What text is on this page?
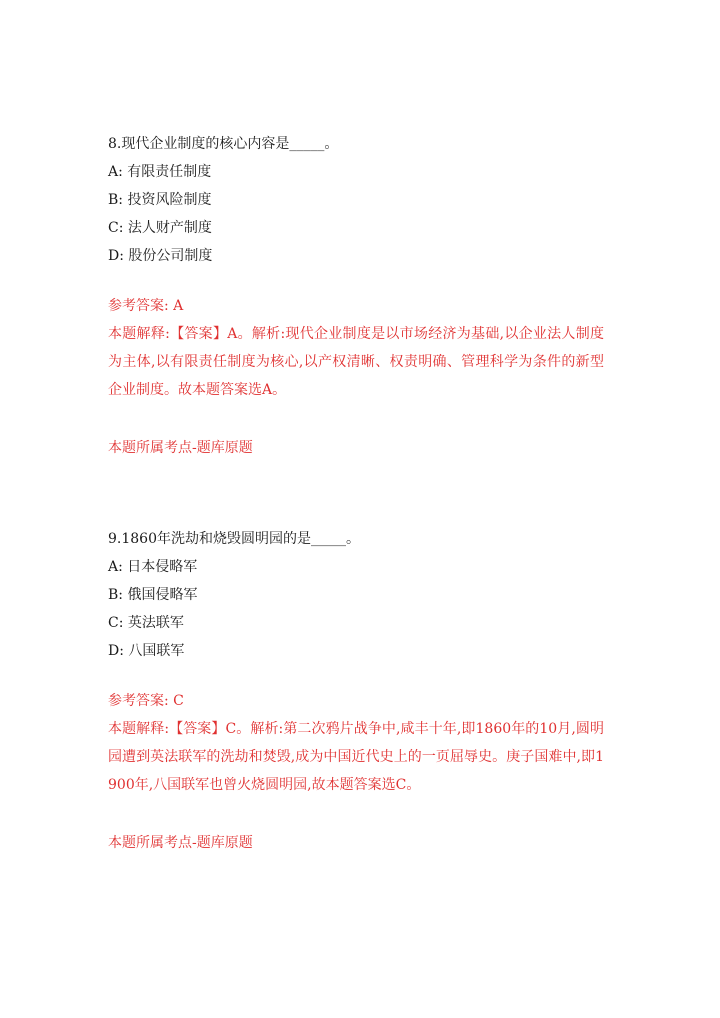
8.现代企业制度的核心内容是_____。
A: 有限责任制度
B: 投资风险制度
C: 法人财产制度
D: 股份公司制度
参考答案: A
本题解释:【答案】A。解析:现代企业制度是以市场经济为基础,以企业法人制度为主体,以有限责任制度为核心,以产权清晰、权责明确、管理科学为条件的新型企业制度。故本题答案选A。
本题所属考点-题库原题
9.1860年洗劫和烧毁圆明园的是_____。
A: 日本侵略军
B: 俄国侵略军
C: 英法联军
D: 八国联军
参考答案: C
本题解释:【答案】C。解析:第二次鸦片战争中,咸丰十年,即1860年的10月,圆明园遭到英法联军的洗劫和焚毁,成为中国近代史上的一页屈辱史。庚子国难中,即1900年,八国联军也曾火烧圆明园,故本题答案选C。
本题所属考点-题库原题
